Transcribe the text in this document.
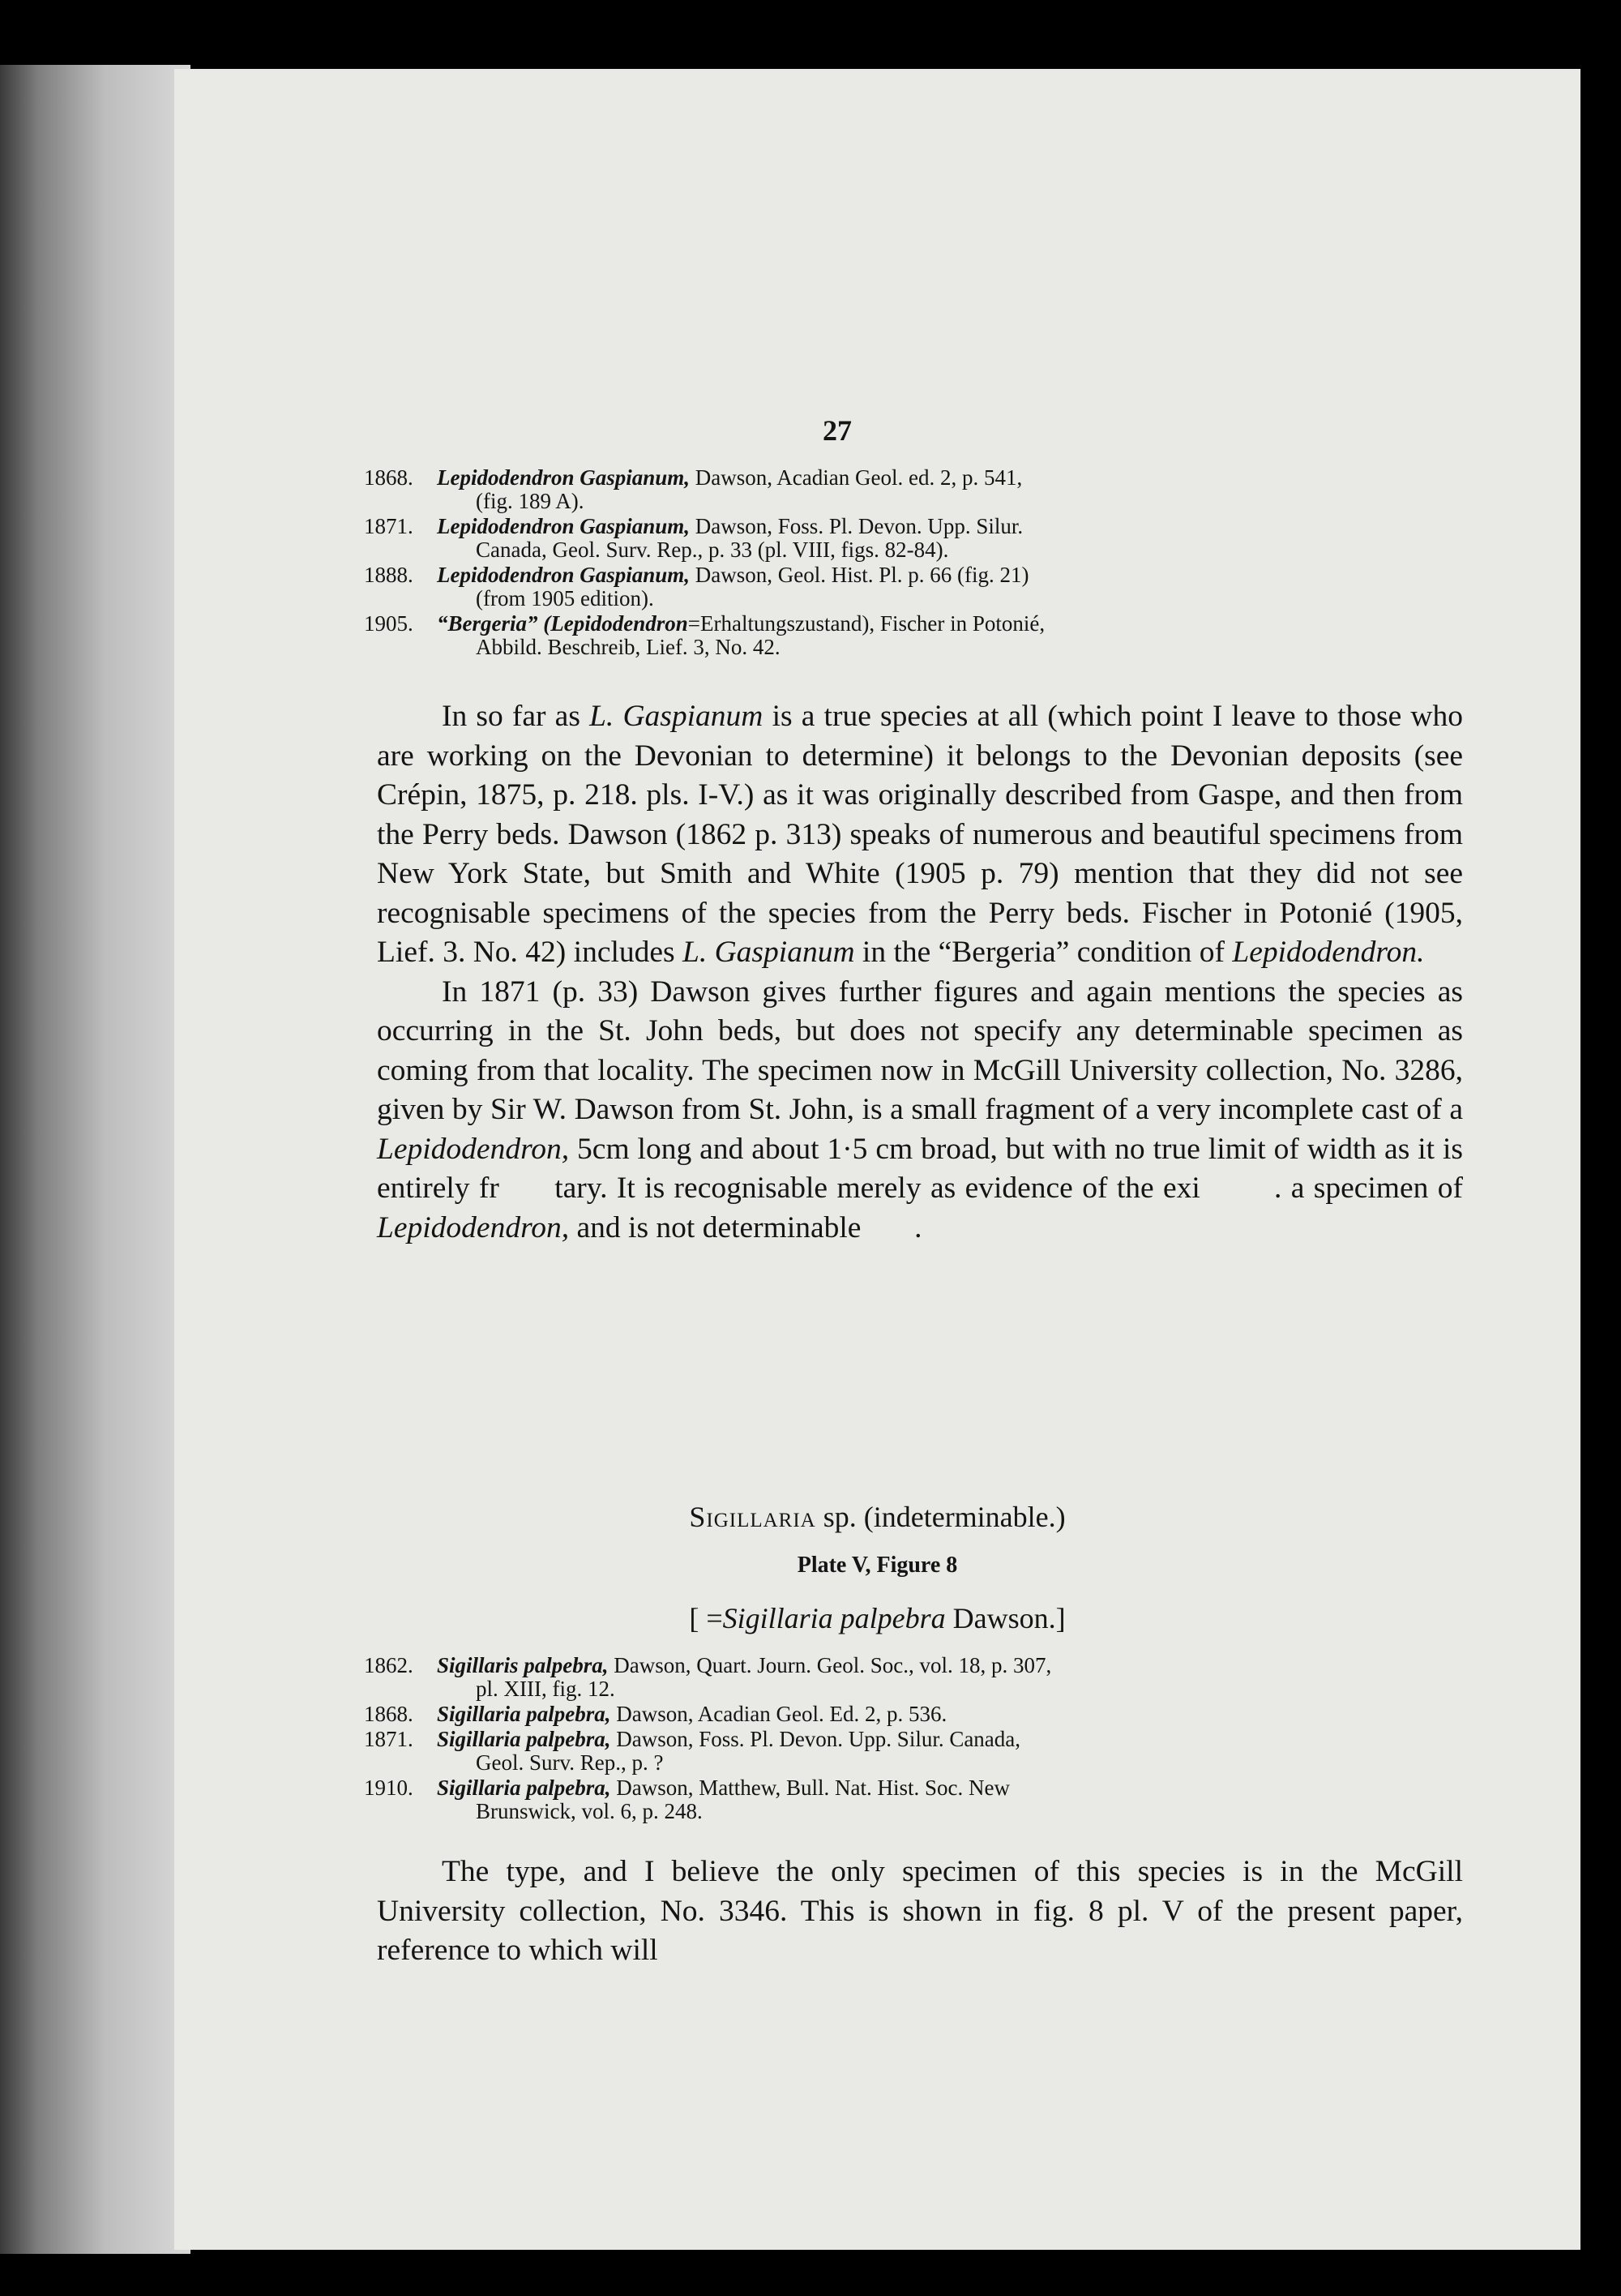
27
1868.	Lepidodendron Gaspianum, Dawson, Acadian Geol. ed. 2, p. 541,
(fig. 189 A).
1871.	Lepidodendron Gaspianum, Dawson, Foss. Pl. Devon. Upp. Silur.
Canada, Geol. Surv. Rep., p. 33 (pl. VIII, figs. 82-84).
1888.	Lepidodendron Gaspianum, Dawson, Geol. Hist. Pl. p. 66 (fig. 21)
(from 1905 edition).
1905.	“Bergeria” (Lepidodendron=Erhaltungszustand), Fischer in Potonié,
Abbild. Beschreib, Lief. 3, No. 42.

In so far as L. Gaspianum is a true species at all (which point I leave to those who are working on the Devonian to determine) it belongs to the Devonian deposits (see Crépin, 1875, p. 218. pls. I-V.) as it was originally described from Gaspe, and then from the Perry beds. Dawson (1862 p. 313) speaks of numerous and beautiful specimens from New York State, but Smith and White (1905 p. 79) mention that they did not see recognisable specimens of the species from the Perry beds. Fischer in Potonié (1905, Lief. 3. No. 42) includes L. Gaspianum in the “Bergeria” condition of Lepidodendron.

In 1871 (p. 33) Dawson gives further figures and again mentions the species as occurring in the St. John beds, but does not specify any determinable specimen as coming from that locality. The specimen now in McGill University collection, No. 3286, given by Sir W. Dawson from St. John, is a small fragment of a very incomplete cast of a Lepidodendron, 5cm long and about 1·5 cm broad, but with no true limit of width as it is entirely fr      tary. It is recognisable merely as evidence of the exi        . a specimen of Lepidodendron, and is not determinable       .

Sigillaria sp. (indeterminable.)
Plate V, Figure 8
[ =Sigillaria palpebra Dawson.]
1862.	Sigillaris palpebra, Dawson, Quart. Journ. Geol. Soc., vol. 18, p. 307,
pl. XIII, fig. 12.
1868.	Sigillaria palpebra, Dawson, Acadian Geol. Ed. 2, p. 536.
1871.	Sigillaria palpebra, Dawson, Foss. Pl. Devon. Upp. Silur. Canada,
Geol. Surv. Rep., p. ?
1910.	Sigillaria palpebra, Dawson, Matthew, Bull. Nat. Hist. Soc. New
Brunswick, vol. 6, p. 248.

The type, and I believe the only specimen of this species is in the McGill University collection, No. 3346. This is shown in fig. 8 pl. V of the present paper, reference to which will
